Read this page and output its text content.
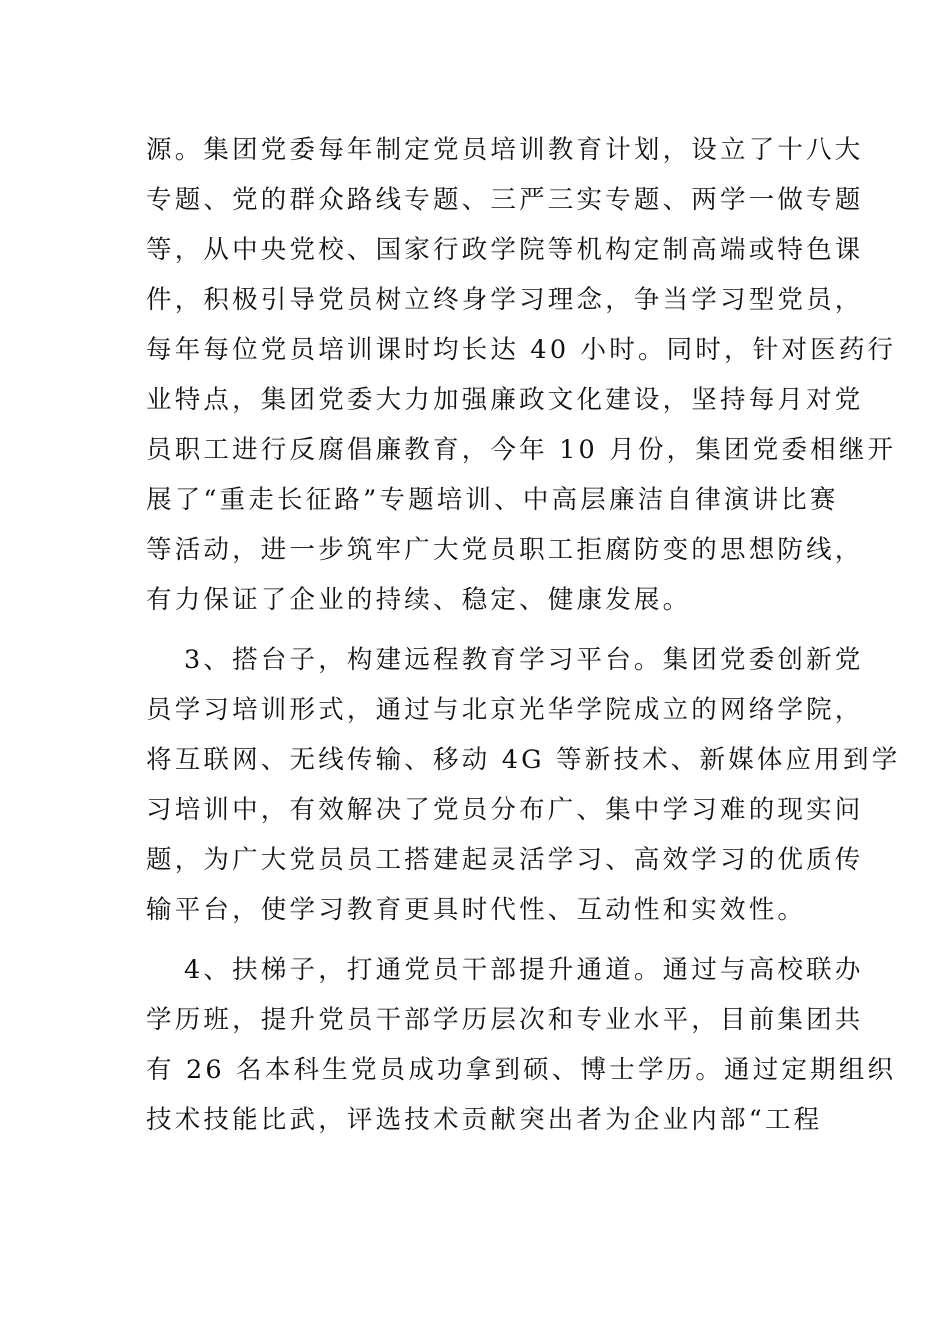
源。集团党委每年制定党员培训教育计划，设立了十八大
专题、党的群众路线专题、三严三实专题、两学一做专题
等，从中央党校、国家行政学院等机构定制高端或特色课
件，积极引导党员树立终身学习理念，争当学习型党员，
每年每位党员培训课时均长达 40 小时。同时，针对医药行
业特点，集团党委大力加强廉政文化建设，坚持每月对党
员职工进行反腐倡廉教育，今年 10 月份，集团党委相继开
展了“重走长征路”专题培训、中高层廉洁自律演讲比赛
等活动，进一步筑牢广大党员职工拒腐防变的思想防线，
有力保证了企业的持续、稳定、健康发展。
3、搭台子，构建远程教育学习平台。集团党委创新党
员学习培训形式，通过与北京光华学院成立的网络学院，
将互联网、无线传输、移动 4G 等新技术、新媒体应用到学
习培训中，有效解决了党员分布广、集中学习难的现实问
题，为广大党员员工搭建起灵活学习、高效学习的优质传
输平台，使学习教育更具时代性、互动性和实效性。
4、扶梯子，打通党员干部提升通道。通过与高校联办
学历班，提升党员干部学历层次和专业水平，目前集团共
有 26 名本科生党员成功拿到硕、博士学历。通过定期组织
技术技能比武，评选技术贡献突出者为企业内部“工程
